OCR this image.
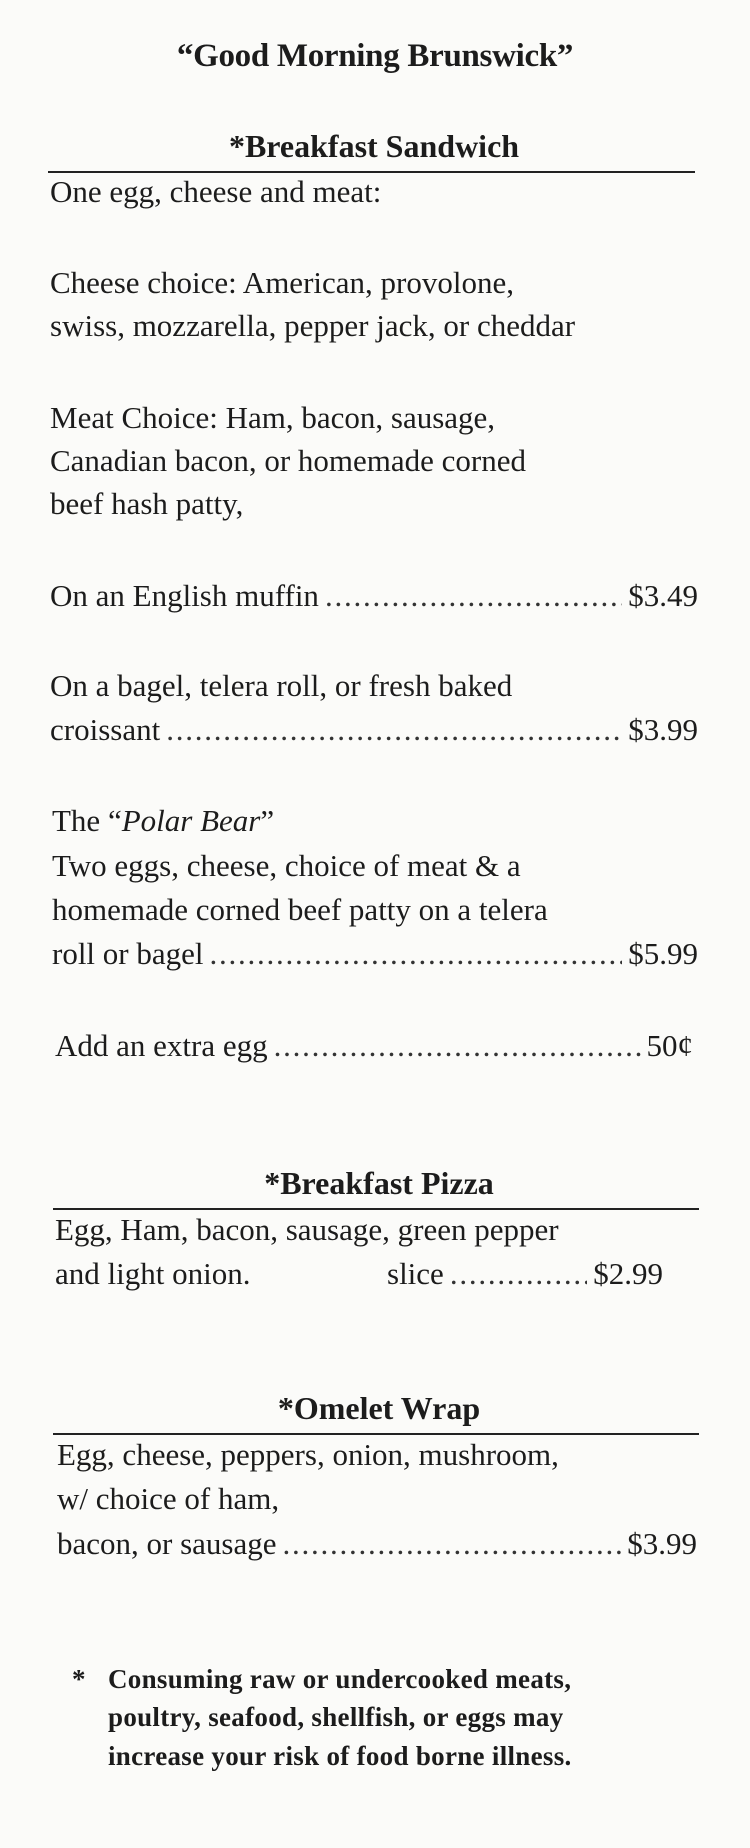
“Good Morning Brunswick”
*Breakfast Sandwich
One egg, cheese and meat:
Cheese choice: American, provolone,
swiss, mozzarella, pepper jack, or cheddar
Meat Choice: Ham, bacon, sausage,
Canadian bacon, or homemade corned
beef hash patty,
On an English muffin . . .	$3.49
On a bagel, telera roll, or fresh baked
croissant . . .	$3.99
The “Polar Bear”
Two eggs, cheese, choice of meat & a
homemade corned beef patty on a telera
roll or bagel . . .	$5.99
Add an extra egg . . .	50¢
*Breakfast Pizza
Egg, Ham, bacon, sausage, green pepper
and light onion.	slice . . .	$2.99
*Omelet Wrap
Egg, cheese, peppers, onion, mushroom,
w/ choice of ham,
bacon, or sausage . . .	$3.99
* Consuming raw or undercooked meats,
poultry, seafood, shellfish, or eggs may
increase your risk of food borne illness.
